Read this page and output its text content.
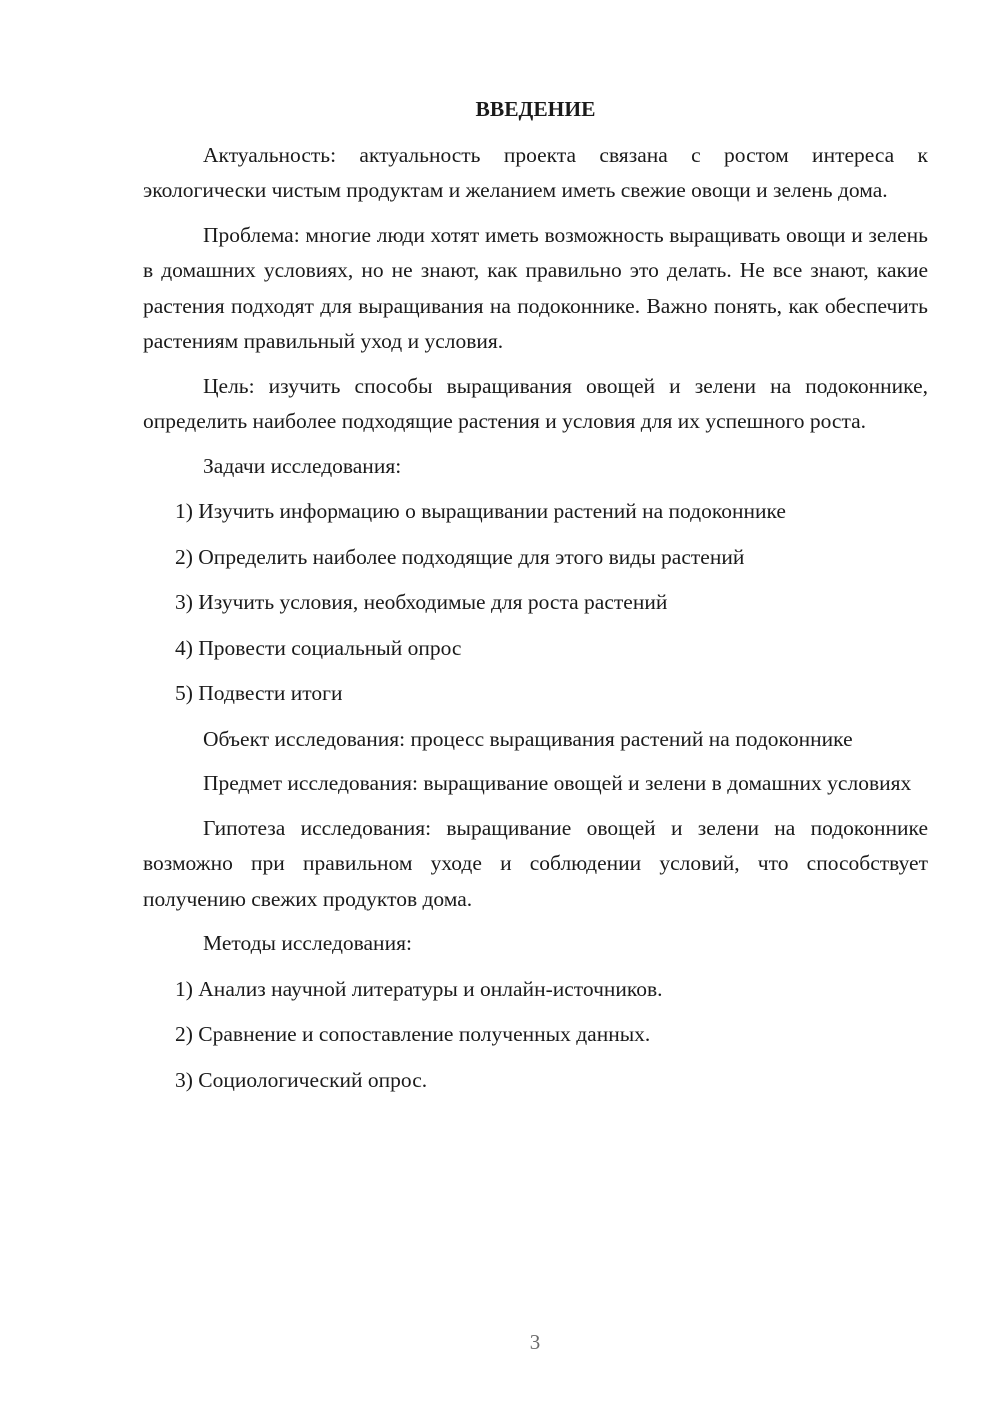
ВВЕДЕНИЕ

Актуальность: актуальность проекта связана с ростом интереса к экологически чистым продуктам и желанием иметь свежие овощи и зелень дома.

Проблема: многие люди хотят иметь возможность выращивать овощи и зелень в домашних условиях, но не знают, как правильно это делать. Не все знают, какие растения подходят для выращивания на подоконнике. Важно понять, как обеспечить растениям правильный уход и условия.

Цель: изучить способы выращивания овощей и зелени на подоконнике, определить наиболее подходящие растения и условия для их успешного роста.

Задачи исследования:

1) Изучить информацию о выращивании растений на подоконнике

2) Определить наиболее подходящие для этого виды растений

3) Изучить условия, необходимые для роста растений

4) Провести социальный опрос

5) Подвести итоги

Объект исследования: процесс выращивания растений на подоконнике

Предмет исследования: выращивание овощей и зелени в домашних условиях

Гипотеза исследования: выращивание овощей и зелени на подоконнике возможно при правильном уходе и соблюдении условий, что способствует получению свежих продуктов дома.

Методы исследования:

1) Анализ научной литературы и онлайн-источников.

2) Сравнение и сопоставление полученных данных.

3) Социологический опрос.

3
